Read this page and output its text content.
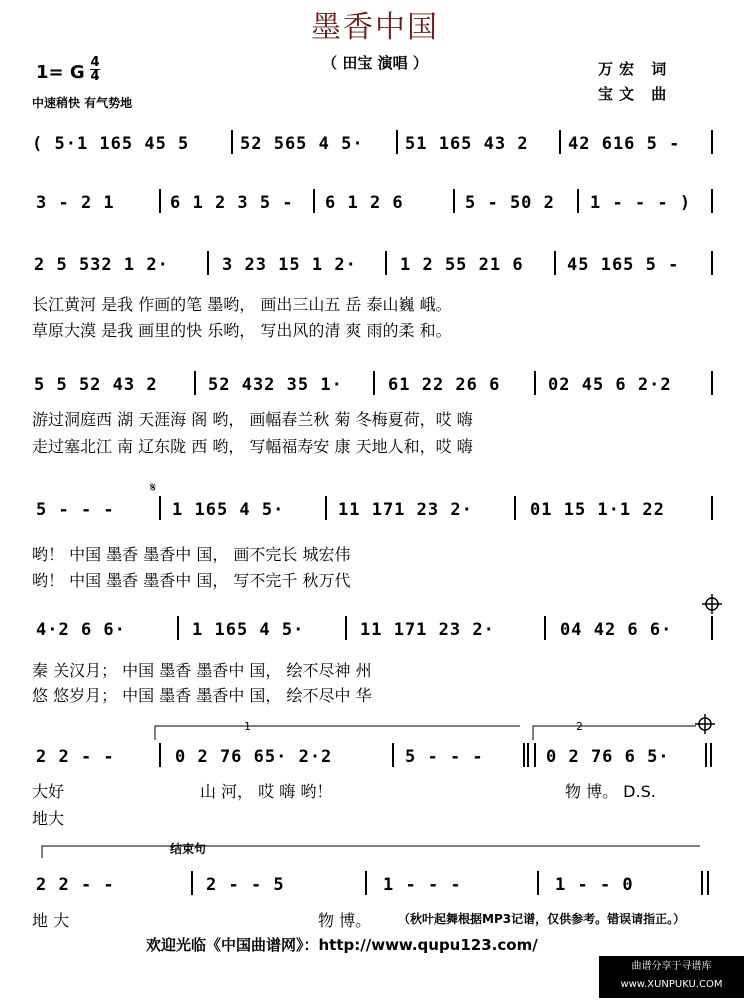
墨香中国
（ 田宝 演唱 ）
1= G 4
4
中速稍快 有气势地
万宏 词
宝文 曲
( 5·1 165 45 5	52 565 4 5· 51 165 43 2 42 616 5 -
3 - 2 1	6 1 2 3 5 - 6 1 2 6	5 - 50 2 1 - - - )
2 5 532 1 2·	3 23 15 1 2·	1 2 55 21 6	45 165 5 -
长江黄河 是我 作画的笔 墨哟， 画出三山五 岳 泰山巍 峨。
草原大漠 是我 画里的快 乐哟， 写出风的清 爽 雨的柔 和。
5 5 52 43 2	52 432 35 1·	61 22 26 6	02 45 6 2·2
游过洞庭西 湖 天涯海 阁 哟， 画幅春兰秋 菊 冬梅夏荷，哎 嗨
走过塞北江 南 辽东陇 西 哟， 写幅福寿安 康 天地人和，哎 嗨
5 - - -	1 165 4 5·	11 171 23 2·	01 15 1·1 22
哟！ 中国 墨香 墨香中 国， 画不完长 城宏伟
哟！ 中国 墨香 墨香中 国， 写不完千 秋万代
4·2 6 6·	1 165 4 5·	11 171 23 2·	04 42 6 6·
秦 关汉月； 中国 墨香 墨香中 国， 绘不尽神 州
悠 悠岁月； 中国 墨香 墨香中 国， 绘不尽中 华
2 2 - -	0 2 76 65· 2·2	5 - - -	0 2 76 6 5·
大好
地大
山 河， 哎 嗨 哟！	物 博。 D.S.
1	2
结束句
2 2 - -	2 - - 5	1 - - -	1 - - 0
地 大	物 博。 （秋叶起舞根据MP3记谱，仅供参考。错误请指正。）
欢迎光临《中国曲谱网》：http://www.qupu123.com/
曲谱分享于寻谱库
www.XUNPUKU.COM
𝄋
